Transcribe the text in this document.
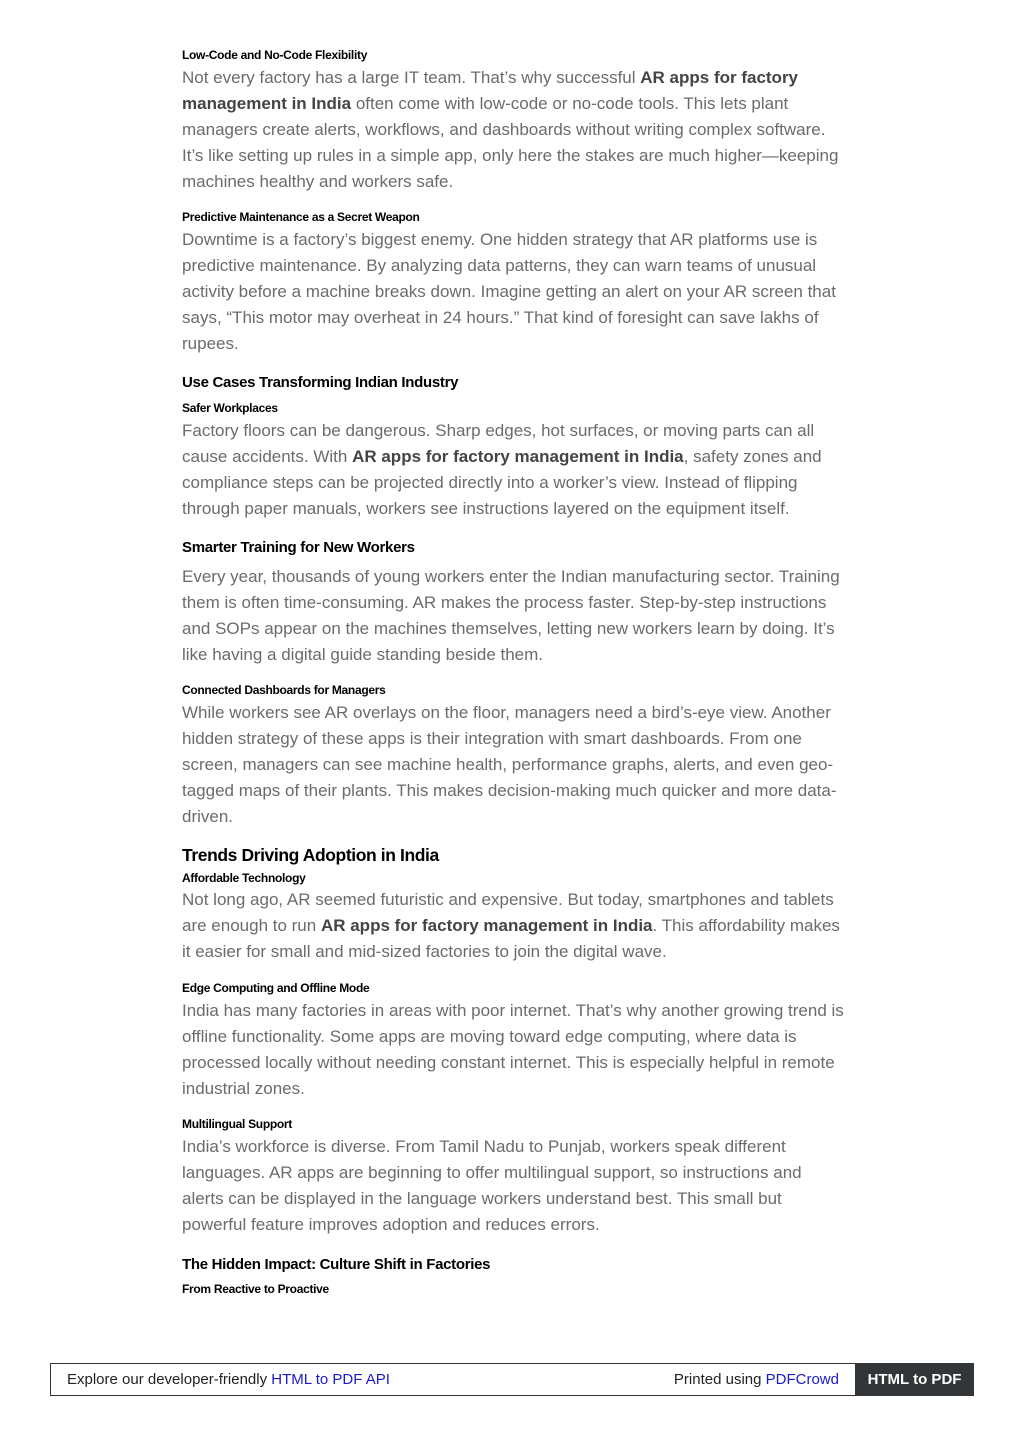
Low-Code and No-Code Flexibility

Not every factory has a large IT team. That’s why successful AR apps for factory management in India often come with low-code or no-code tools. This lets plant managers create alerts, workflows, and dashboards without writing complex software. It’s like setting up rules in a simple app, only here the stakes are much higher—keeping machines healthy and workers safe.

Predictive Maintenance as a Secret Weapon

Downtime is a factory’s biggest enemy. One hidden strategy that AR platforms use is predictive maintenance. By analyzing data patterns, they can warn teams of unusual activity before a machine breaks down. Imagine getting an alert on your AR screen that says, “This motor may overheat in 24 hours.” That kind of foresight can save lakhs of rupees.

Use Cases Transforming Indian Industry
Safer Workplaces

Factory floors can be dangerous. Sharp edges, hot surfaces, or moving parts can all cause accidents. With AR apps for factory management in India, safety zones and compliance steps can be projected directly into a worker’s view. Instead of flipping through paper manuals, workers see instructions layered on the equipment itself.

Smarter Training for New Workers

Every year, thousands of young workers enter the Indian manufacturing sector. Training them is often time-consuming. AR makes the process faster. Step-by-step instructions and SOPs appear on the machines themselves, letting new workers learn by doing. It’s like having a digital guide standing beside them.

Connected Dashboards for Managers

While workers see AR overlays on the floor, managers need a bird’s-eye view. Another hidden strategy of these apps is their integration with smart dashboards. From one screen, managers can see machine health, performance graphs, alerts, and even geo-tagged maps of their plants. This makes decision-making much quicker and more data-driven.

Trends Driving Adoption in India
Affordable Technology

Not long ago, AR seemed futuristic and expensive. But today, smartphones and tablets are enough to run AR apps for factory management in India. This affordability makes it easier for small and mid-sized factories to join the digital wave.

Edge Computing and Offline Mode

India has many factories in areas with poor internet. That’s why another growing trend is offline functionality. Some apps are moving toward edge computing, where data is processed locally without needing constant internet. This is especially helpful in remote industrial zones.

Multilingual Support

India’s workforce is diverse. From Tamil Nadu to Punjab, workers speak different languages. AR apps are beginning to offer multilingual support, so instructions and alerts can be displayed in the language workers understand best. This small but powerful feature improves adoption and reduces errors.

The Hidden Impact: Culture Shift in Factories
From Reactive to Proactive
Explore our developer-friendly HTML to PDF API	Printed using PDFCrowd	HTML to PDF
